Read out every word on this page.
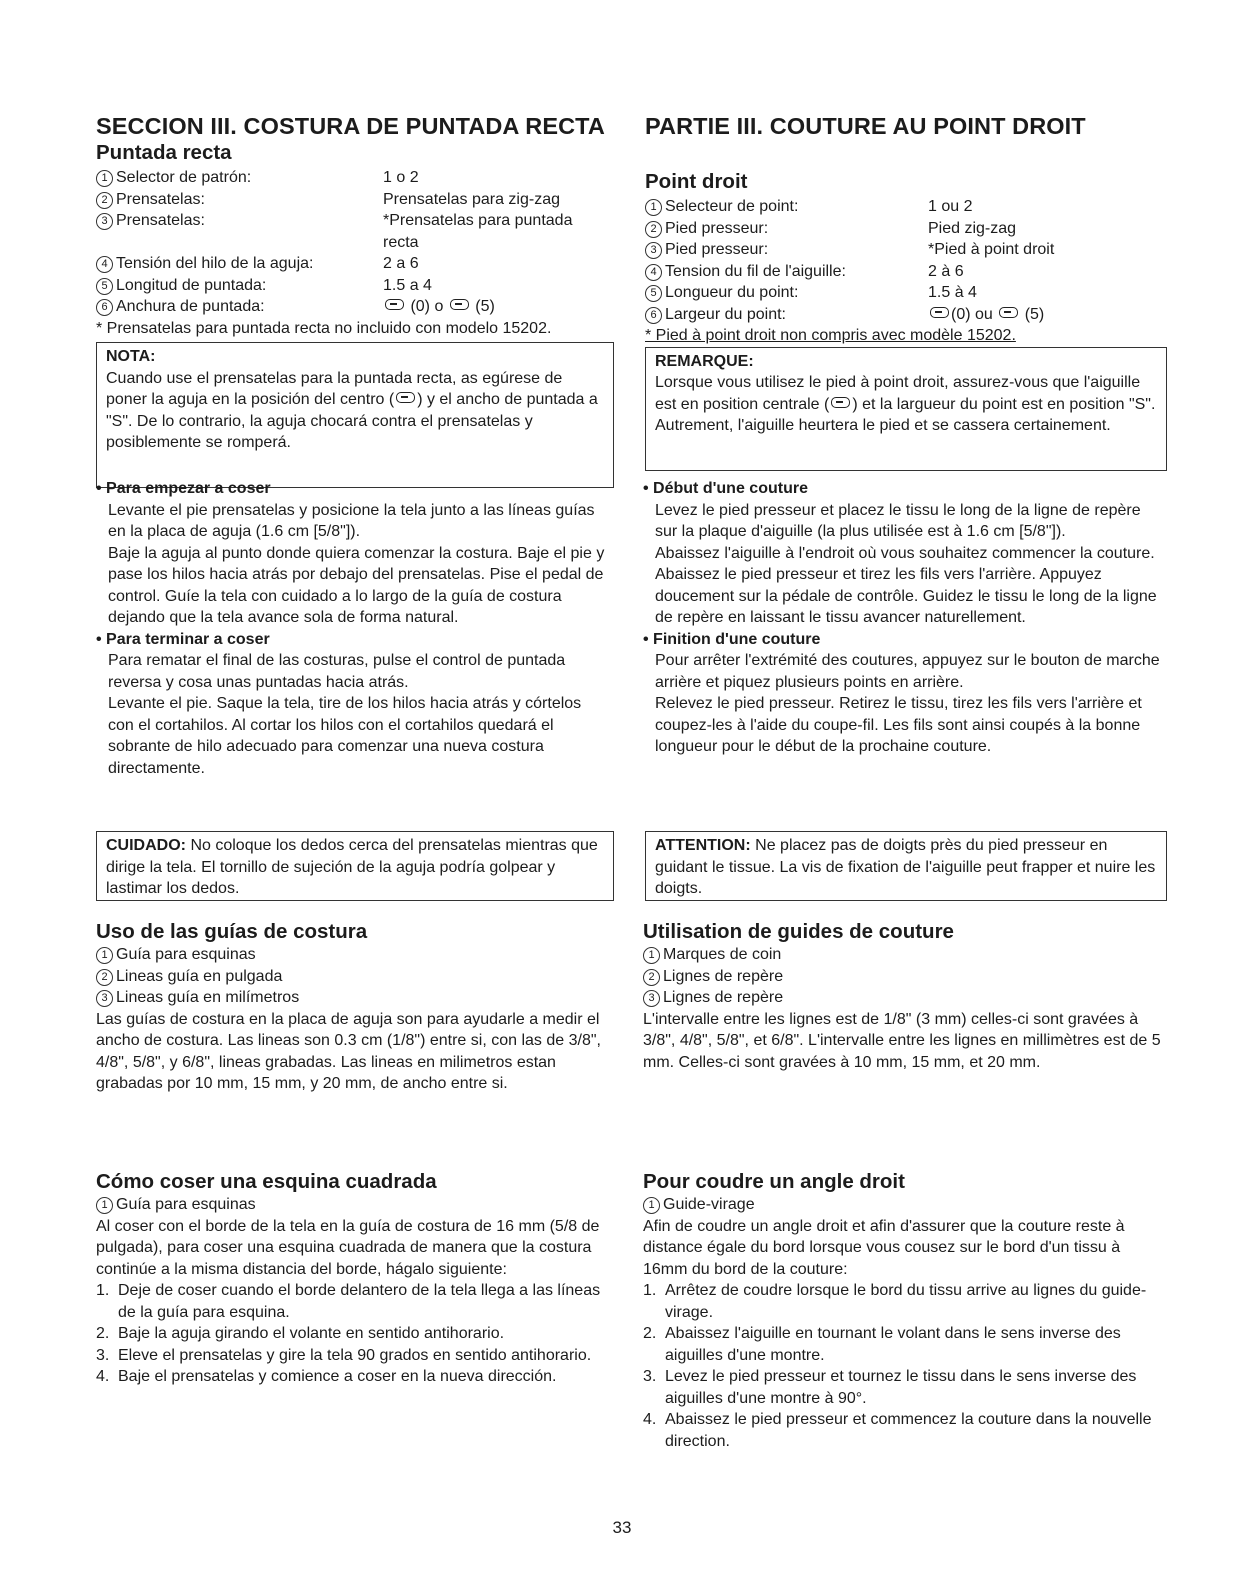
SECCION III. COSTURA DE PUNTADA RECTA
Puntada recta
1 Selector de patrón:	1 o 2
2 Prensatelas:	Prensatelas para zig-zag
3 Prensatelas:	*Prensatelas para puntada recta
4 Tensión del hilo de la aguja:	2 a 6
5 Longitud de puntada:	1.5 a 4
6 Anchura de puntada:	(0) o (5)
* Prensatelas para puntada recta no incluido con modelo 15202.
NOTA:
Cuando use el prensatelas para la puntada recta, as egúrese de poner la aguja en la posición del centro ( ) y el ancho de puntada a "S". De lo contrario, la aguja chocará contra el prensatelas y posiblemente se romperá.
• Para empezar a coser
Levante el pie prensatelas y posicione la tela junto a las líneas guías en la placa de aguja (1.6 cm [5/8"]).
Baje la aguja al punto donde quiera comenzar la costura. Baje el pie y pase los hilos hacia atrás por debajo del prensatelas. Pise el pedal de control. Guíe la tela con cuidado a lo largo de la guía de costura dejando que la tela avance sola de forma natural.
• Para terminar a coser
Para rematar el final de las costuras, pulse el control de puntada reversa y cosa unas puntadas hacia atrás.
Levante el pie. Saque la tela, tire de los hilos hacia atrás y córtelos con el cortahilos. Al cortar los hilos con el cortahilos quedará el sobrante de hilo adecuado para comenzar una nueva costura directamente.
CUIDADO: No coloque los dedos cerca del prensatelas mientras que dirige la tela. El tornillo de sujeción de la aguja podría golpear y lastimar los dedos.
Uso de las guías de costura
1 Guía para esquinas
2 Lineas guía en pulgada
3 Lineas guía en milímetros

Las guías de costura en la placa de aguja son para ayudarle a medir el ancho de costura. Las lineas son 0.3 cm (1/8") entre si, con las de 3/8", 4/8", 5/8", y 6/8", lineas grabadas. Las lineas en milimetros estan grabadas por 10 mm, 15 mm, y 20 mm, de ancho entre si.

Cómo coser una esquina cuadrada
1 Guía para esquinas

Al coser con el borde de la tela en la guía de costura de 16 mm (5/8 de pulgada), para coser una esquina cuadrada de manera que la costura continúe a la misma distancia del borde, hágalo siguiente:

1. Deje de coser cuando el borde delantero de la tela llega a las líneas de la guía para esquina.
2. Baje la aguja girando el volante en sentido antihorario.
3. Eleve el prensatelas y gire la tela 90 grados en sentido antihorario.
4. Baje el prensatelas y comience a coser en la nueva dirección.
PARTIE III. COUTURE AU POINT DROIT
Point droit
1 Selecteur de point:	1 ou 2
2 Pied presseur:	Pied zig-zag
3 Pied presseur:	*Pied à point droit
4 Tension du fil de l'aiguille:	2 à 6
5 Longueur du point:	1.5 à 4
6 Largeur du point:	(0) ou (5)
* Pied à point droit non compris avec modèle 15202.
REMARQUE:
Lorsque vous utilisez le pied à point droit, assurez-vous que l'aiguille est en position centrale ( ) et la largueur du point est en position "S". Autrement, l'aiguille heurtera le pied et se cassera certainement.
• Début d'une couture
Levez le pied presseur et placez le tissu le long de la ligne de repère sur la plaque d'aiguille (la plus utilisée est à 1.6 cm [5/8"]).
Abaissez l'aiguille à l'endroit où vous souhaitez commencer la couture. Abaissez le pied presseur et tirez les fils vers l'arrière. Appuyez doucement sur la pédale de contrôle. Guidez le tissu le long de la ligne de repère en laissant le tissu avancer naturellement.
• Finition d'une couture
Pour arrêter l'extrémité des coutures, appuyez sur le bouton de marche arrière et piquez plusieurs points en arrière.
Relevez le pied presseur. Retirez le tissu, tirez les fils vers l'arrière et coupez-les à l'aide du coupe-fil. Les fils sont ainsi coupés à la bonne longueur pour le début de la prochaine couture.
ATTENTION: Ne placez pas de doigts près du pied presseur en guidant le tissue. La vis de fixation de l'aiguille peut frapper et nuire les doigts.
Utilisation de guides de couture
1 Marques de coin
2 Lignes de repère
3 Lignes de repère

L'intervalle entre les lignes est de 1/8" (3 mm) celles-ci sont gravées à 3/8", 4/8", 5/8", et 6/8". L'intervalle entre les lignes en millimètres est de 5 mm. Celles-ci sont gravées à 10 mm, 15 mm, et 20 mm.

Pour coudre un angle droit
1 Guide-virage

Afin de coudre un angle droit et afin d'assurer que la couture reste à distance égale du bord lorsque vous cousez sur le bord d'un tissu à 16mm du bord de la couture:

1. Arrêtez de coudre lorsque le bord du tissu arrive au lignes du guide-virage.
2. Abaissez l'aiguille en tournant le volant dans le sens inverse des aiguilles d'une montre.
3. Levez le pied presseur et tournez le tissu dans le sens inverse des aiguilles d'une montre à 90°.
4. Abaissez le pied presseur et commencez la couture dans la nouvelle direction.
33
